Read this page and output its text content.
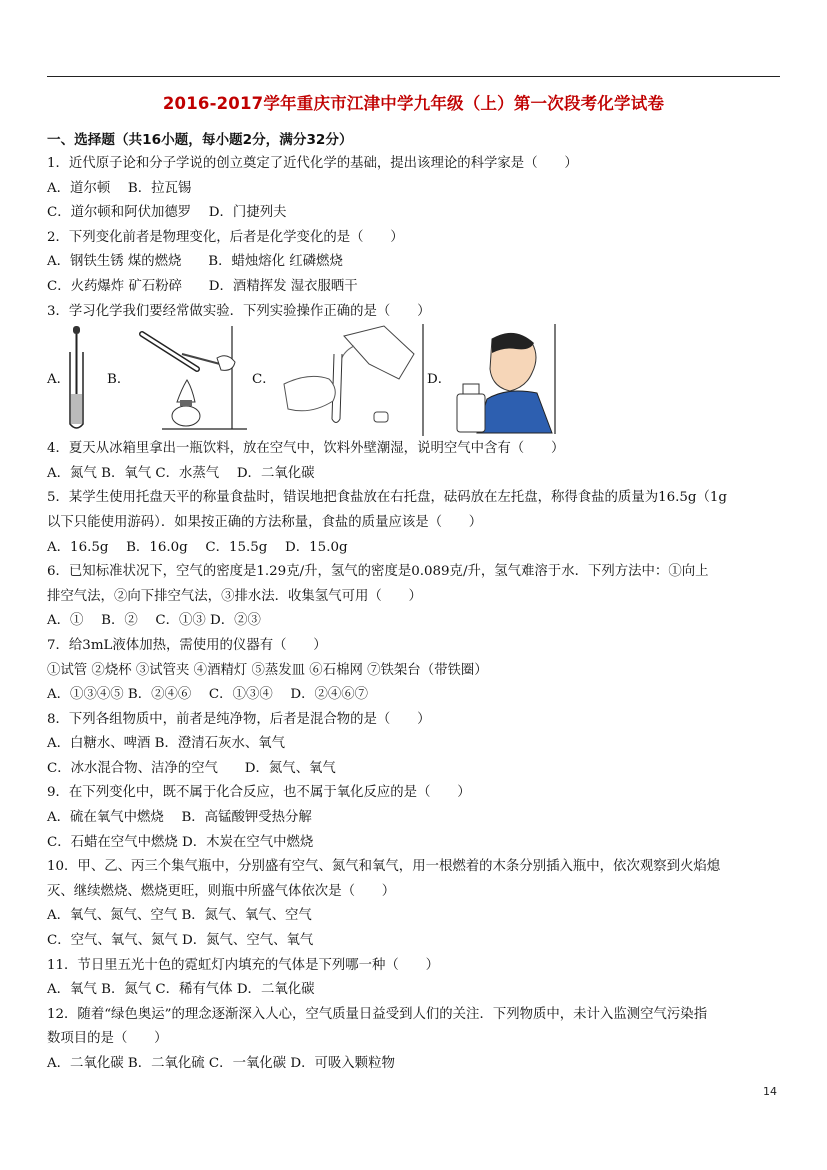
2016-2017学年重庆市江津中学九年级（上）第一次段考化学试卷
一、选择题（共16小题，每小题2分，满分32分）
1．近代原子论和分子学说的创立奠定了近代化学的基础，提出该理论的科学家是（　　）
A．道尔顿　 B．拉瓦锡
C．道尔顿和阿伏加德罗　 D．门捷列夫
2．下列变化前者是物理变化，后者是化学变化的是（　　）
A．钢铁生锈 煤的燃烧　　B．蜡烛熔化 红磷燃烧
C．火药爆炸 矿石粉碎　　D．酒精挥发 湿衣服晒干
3．学习化学我们要经常做实验．下列实验操作正确的是（　　）
A．	B．	C．	D．
4．夏天从冰箱里拿出一瓶饮料，放在空气中，饮料外壁潮湿，说明空气中含有（　　）
A．氮气 B．氧气 C．水蒸气　 D．二氧化碳
5．某学生使用托盘天平的称量食盐时，错误地把食盐放在右托盘，砝码放在左托盘，称得食盐的质量为16.5g（1g
以下只能使用游码）．如果按正确的方法称量，食盐的质量应该是（　　）
A．16.5g　 B．16.0g　 C．15.5g　 D．15.0g
6．已知标准状况下，空气的密度是1.29克/升，氢气的密度是0.089克/升，氢气难溶于水．下列方法中：①向上
排空气法，②向下排空气法，③排水法．收集氢气可用（　　）
A．①　 B．②　 C．①③ D．②③
7．给3mL液体加热，需使用的仪器有（　　）
①试管 ②烧杯 ③试管夹 ④酒精灯 ⑤蒸发皿 ⑥石棉网 ⑦铁架台（带铁圈）
A．①③④⑤ B．②④⑥　 C．①③④　 D．②④⑥⑦
8．下列各组物质中，前者是纯净物，后者是混合物的是（　　）
A．白糖水、啤酒 B．澄清石灰水、氧气
C．冰水混合物、洁净的空气　　D．氮气、氧气
9．在下列变化中，既不属于化合反应，也不属于氧化反应的是（　　）
A．硫在氧气中燃烧　 B．高锰酸钾受热分解
C．石蜡在空气中燃烧 D．木炭在空气中燃烧
10．甲、乙、丙三个集气瓶中，分别盛有空气、氮气和氧气，用一根燃着的木条分别插入瓶中，依次观察到火焰熄
灭、继续燃烧、燃烧更旺，则瓶中所盛气体依次是（　　）
A．氧气、氮气、空气 B．氮气、氧气、空气
C．空气、氧气、氮气 D．氮气、空气、氧气
11．节日里五光十色的霓虹灯内填充的气体是下列哪一种（　　）
A．氧气 B．氮气 C．稀有气体 D．二氧化碳
12．随着“绿色奥运”的理念逐渐深入人心，空气质量日益受到人们的关注．下列物质中，未计入监测空气污染指
数项目的是（　　）
A．二氧化碳 B．二氧化硫 C．一氧化碳 D．可吸入颗粒物
14
